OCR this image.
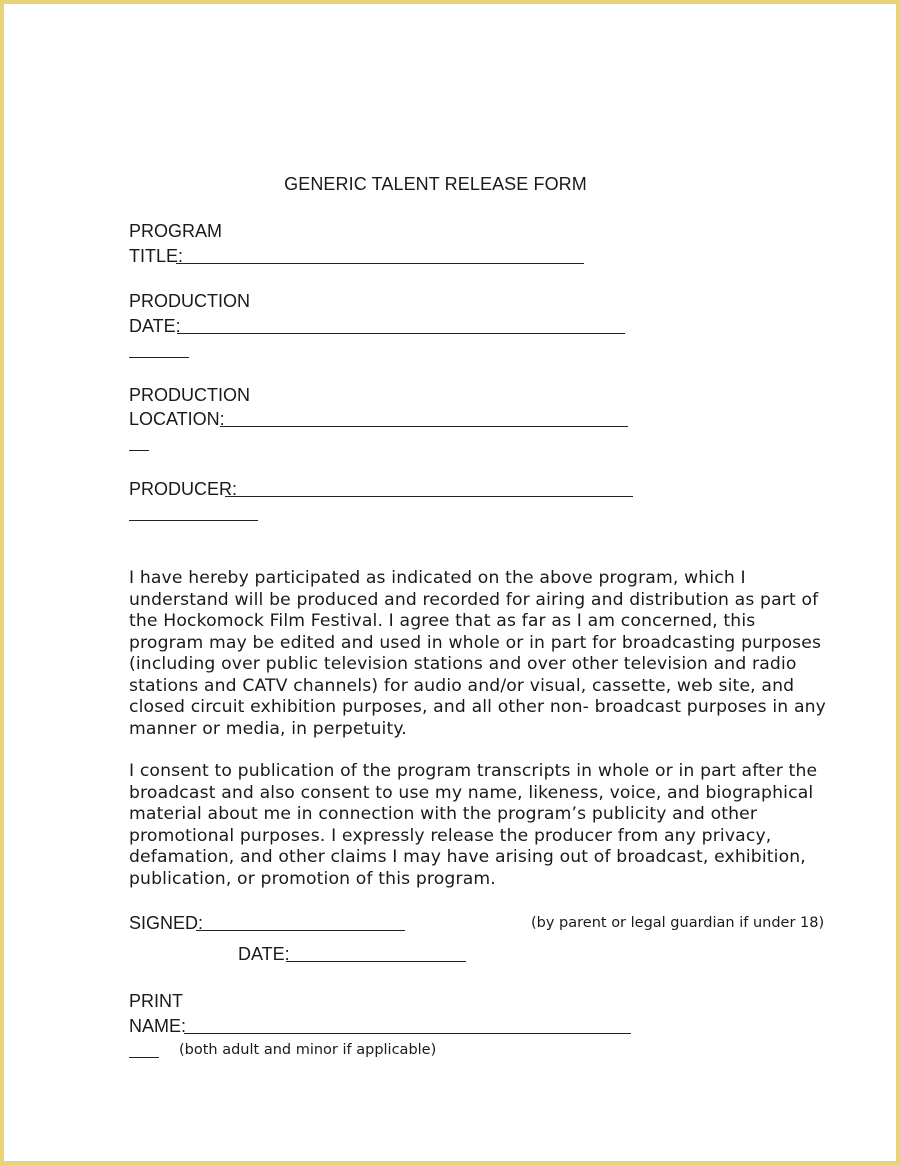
GENERIC TALENT RELEASE FORM
PROGRAM
TITLE:
PRODUCTION
DATE:
PRODUCTION
LOCATION:
PRODUCER:
I have hereby participated as indicated on the above program, which I
understand will be produced and recorded for airing and distribution as part of
the Hockomock Film Festival. I agree that as far as I am concerned, this
program may be edited and used in whole or in part for broadcasting purposes
(including over public television stations and over other television and radio
stations and CATV channels) for audio and/or visual, cassette, web site, and
closed circuit exhibition purposes, and all other non- broadcast purposes in any
manner or media, in perpetuity.
I consent to publication of the program transcripts in whole or in part after the
broadcast and also consent to use my name, likeness, voice, and biographical
material about me in connection with the program’s publicity and other
promotional purposes. I expressly release the producer from any privacy,
defamation, and other claims I may have arising out of broadcast, exhibition,
publication, or promotion of this program.
SIGNED:	(by parent or legal guardian if under 18)
DATE:
PRINT
NAME:
(both adult and minor if applicable)
